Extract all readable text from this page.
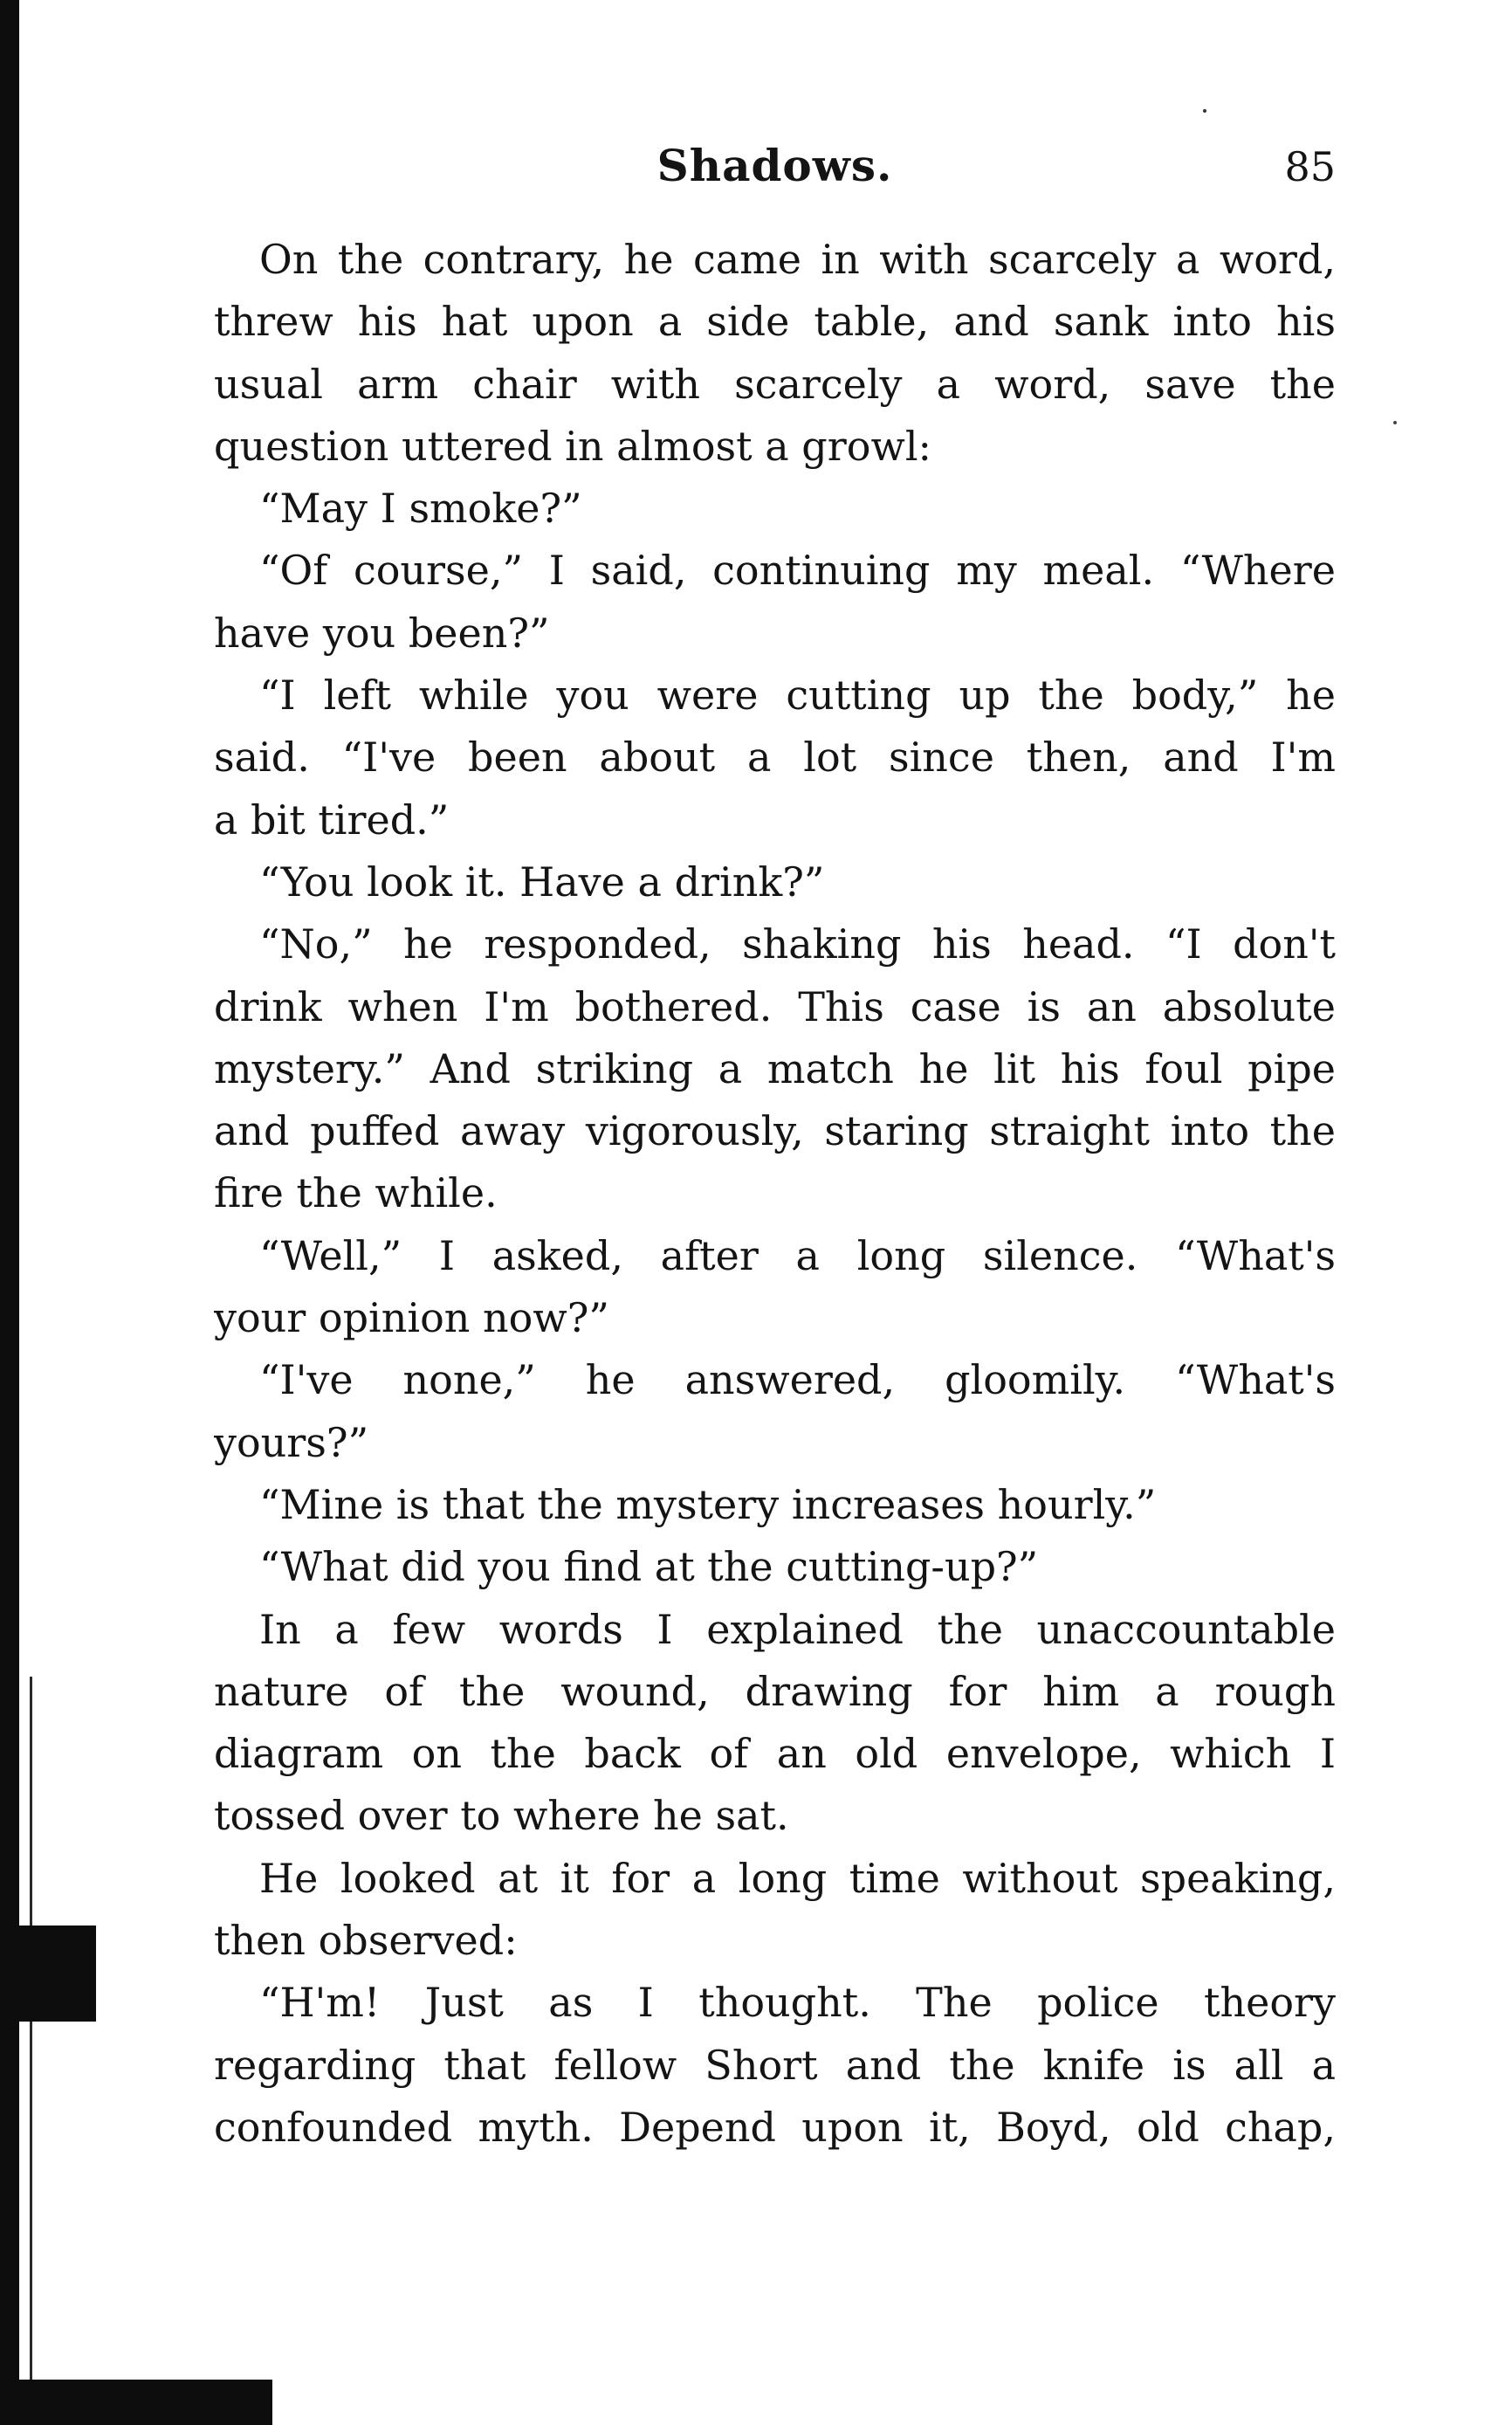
Shadows.	85
On the contrary, he came in with scarcely a word,
threw his hat upon a side table, and sank into his
usual arm chair with scarcely a word, save the
question uttered in almost a growl:
“May I smoke?”
“Of course,” I said, continuing my meal. “Where
have you been?”
“I left while you were cutting up the body,” he
said. “I've been about a lot since then, and I'm
a bit tired.”
“You look it. Have a drink?”
“No,” he responded, shaking his head. “I don't
drink when I'm bothered. This case is an absolute
mystery.” And striking a match he lit his foul pipe
and puffed away vigorously, staring straight into the
fire the while.
“Well,” I asked, after a long silence. “What's
your opinion now?”
“I've none,” he answered, gloomily. “What's
yours?”
“Mine is that the mystery increases hourly.”
“What did you find at the cutting-up?”
In a few words I explained the unaccountable
nature of the wound, drawing for him a rough
diagram on the back of an old envelope, which I
tossed over to where he sat.
He looked at it for a long time without speaking,
then observed:
“H'm! Just as I thought. The police theory
regarding that fellow Short and the knife is all a
confounded myth. Depend upon it, Boyd, old chap,
